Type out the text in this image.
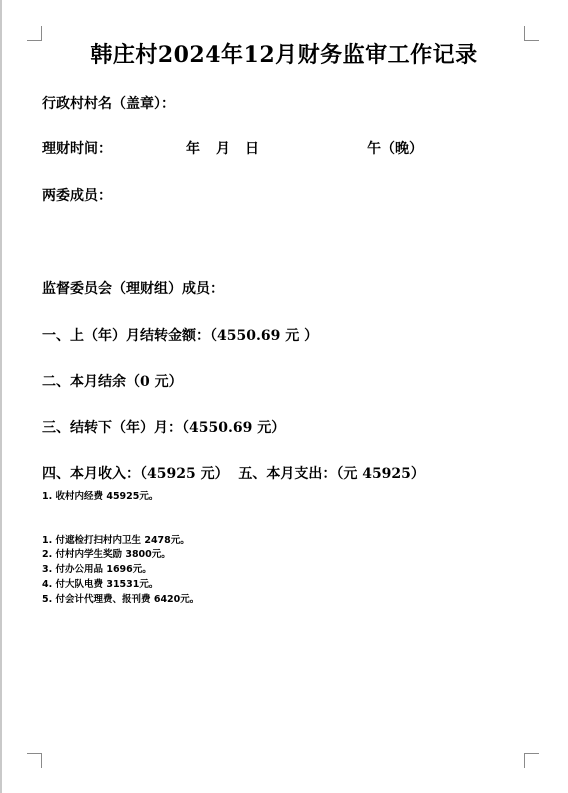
韩庄村2024年12月财务监审工作记录
行政村村名（盖章）：
理财时间：	年 月 日	午（晚）
两委成员：
监督委员会（理财组）成员：
一、上（年）月结转金额：（4550.69 元 ）
二、本月结余（0 元）
三、结转下（年）月：（4550.69 元）
四、本月收入：（45925 元）  五、本月支出：（元 45925）
1. 收村内经费 45925元。
1. 付遮检打扫村内卫生 2478元。
2. 付村内学生奖励 3800元。
3. 付办公用品 1696元。
4. 付大队电费 31531元。
5. 付会计代理费、报刊费 6420元。
